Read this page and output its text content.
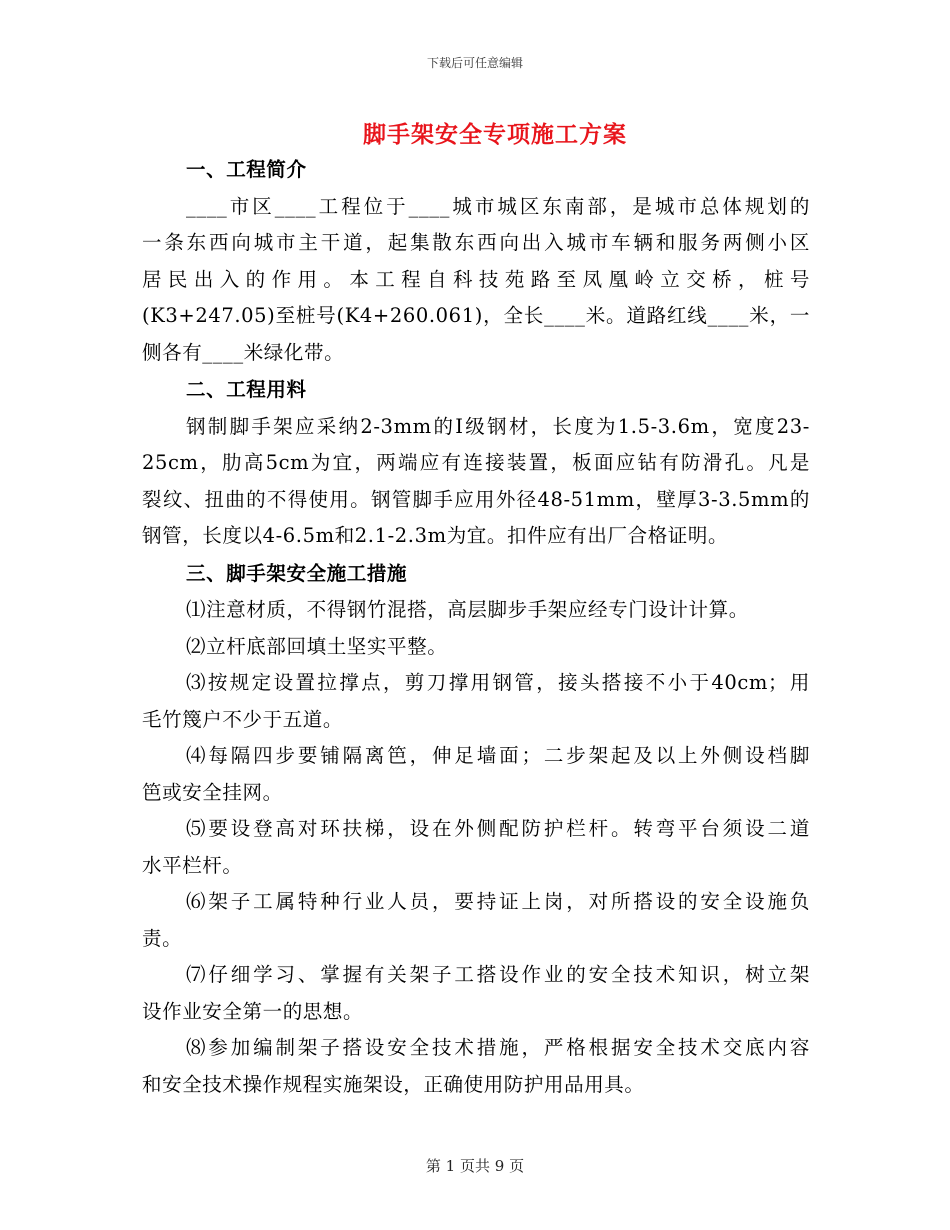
下载后可任意编辑
脚手架安全专项施工方案
一、工程简介
____市区____工程位于____城市城区东南部，是城市总体规划的
一条东西向城市主干道，起集散东西向出入城市车辆和服务两侧小区
居民出入的作用。本工程自科技苑路至凤凰岭立交桥，桩号
(K3+247.05)至桩号(K4+260.061)，全长____米。道路红线____米，一
侧各有____米绿化带。
二、工程用料
钢制脚手架应采纳2-3mm的Ⅰ级钢材，长度为1.5-3.6m，宽度23-
25cm，肋高5cm为宜，两端应有连接装置，板面应钻有防滑孔。凡是
裂纹、扭曲的不得使用。钢管脚手应用外径48-51mm，壁厚3-3.5mm的
钢管，长度以4-6.5m和2.1-2.3m为宜。扣件应有出厂合格证明。
三、脚手架安全施工措施
⑴注意材质，不得钢竹混搭，高层脚步手架应经专门设计计算。
⑵立杆底部回填土坚实平整。
⑶按规定设置拉撑点，剪刀撑用钢管，接头搭接不小于40cm；用
毛竹篾户不少于五道。
⑷每隔四步要铺隔离笆，伸足墙面；二步架起及以上外侧设档脚
笆或安全挂网。
⑸要设登高对环扶梯，设在外侧配防护栏杆。转弯平台须设二道
水平栏杆。
⑹架子工属特种行业人员，要持证上岗，对所搭设的安全设施负
责。
⑺仔细学习、掌握有关架子工搭设作业的安全技术知识，树立架
设作业安全第一的思想。
⑻参加编制架子搭设安全技术措施，严格根据安全技术交底内容
和安全技术操作规程实施架设，正确使用防护用品用具。
第 1 页共 9 页
